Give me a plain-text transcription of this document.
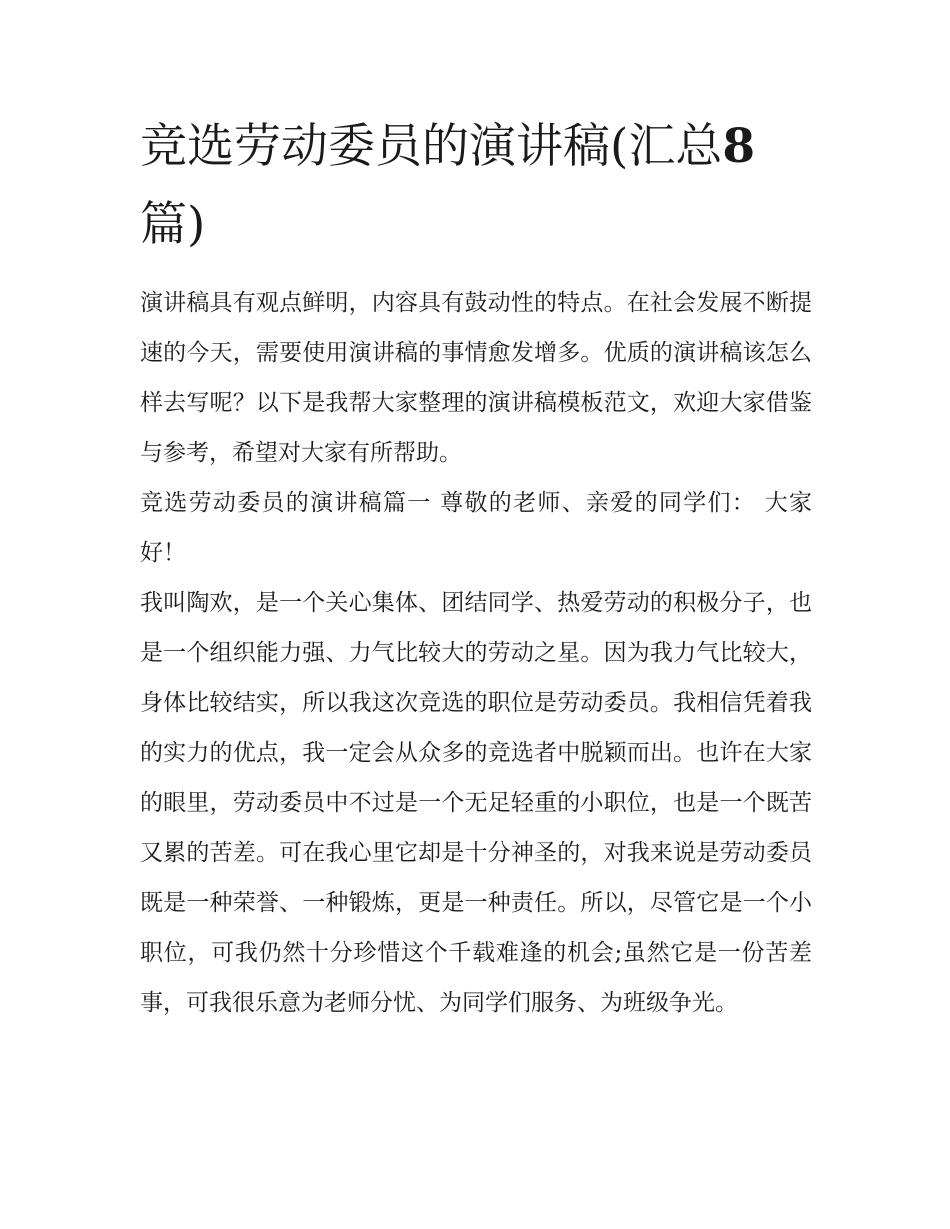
竞选劳动委员的演讲稿(汇总8
篇)

演讲稿具有观点鲜明，内容具有鼓动性的特点。在社会发展不断提速的今天，需要使用演讲稿的事情愈发增多。优质的演讲稿该怎么样去写呢？以下是我帮大家整理的演讲稿模板范文，欢迎大家借鉴与参考，希望对大家有所帮助。

竞选劳动委员的演讲稿篇一 尊敬的老师、亲爱的同学们： 大家好！

我叫陶欢，是一个关心集体、团结同学、热爱劳动的积极分子，也是一个组织能力强、力气比较大的劳动之星。因为我力气比较大，身体比较结实，所以我这次竞选的职位是劳动委员。我相信凭着我的实力的优点，我一定会从众多的竞选者中脱颖而出。也许在大家的眼里，劳动委员中不过是一个无足轻重的小职位，也是一个既苦又累的苦差。可在我心里它却是十分神圣的，对我来说是劳动委员既是一种荣誉、一种锻炼，更是一种责任。所以，尽管它是一个小职位，可我仍然十分珍惜这个千载难逢的机会;虽然它是一份苦差事，可我很乐意为老师分忧、为同学们服务、为班级争光。
